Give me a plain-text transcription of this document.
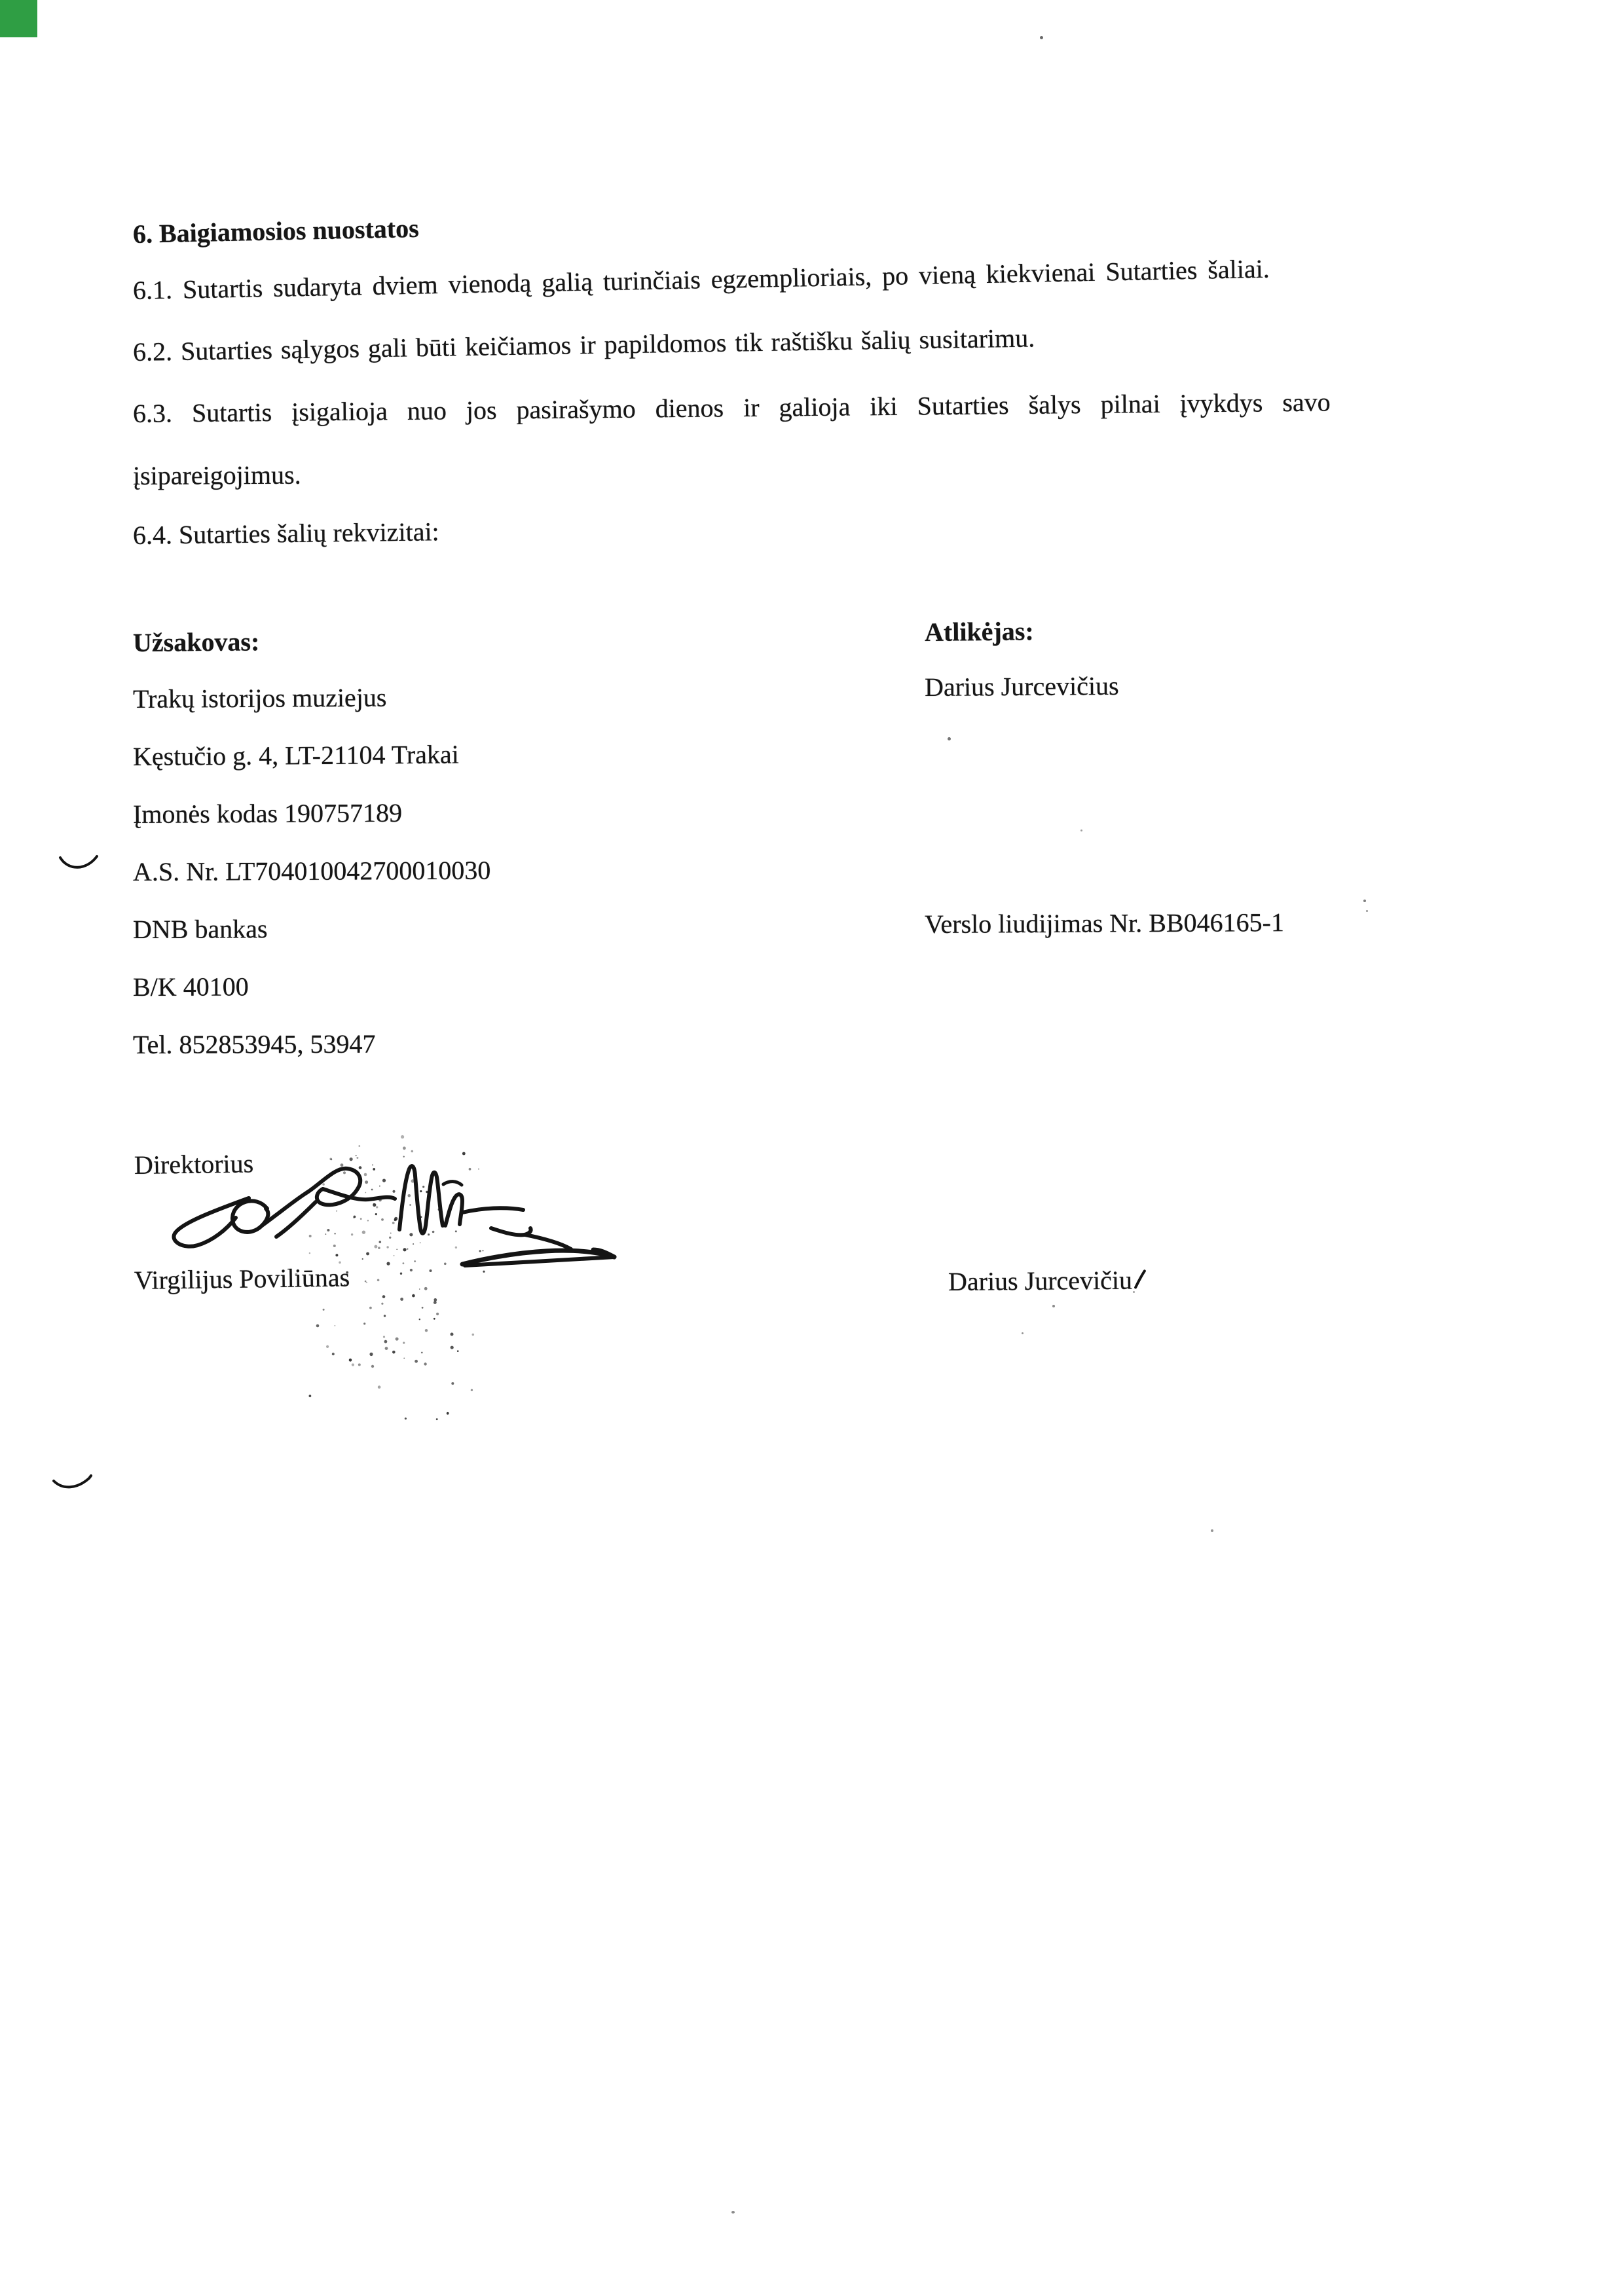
6. Baigiamosios nuostatos
6.1. Sutartis sudaryta dviem vienodą galią turinčiais egzemplioriais, po vieną kiekvienai Sutarties šaliai.
6.2. Sutarties sąlygos gali būti keičiamos ir papildomos tik raštišku šalių susitarimu.
6.3. Sutartis įsigalioja nuo jos pasirašymo dienos ir galioja iki Sutarties šalys pilnai įvykdys savo
įsipareigojimus.
6.4. Sutarties šalių rekvizitai:
Užsakovas:
Trakų istorijos muziejus
Kęstučio g. 4, LT-21104 Trakai
Įmonės kodas 190757189
A.S. Nr. LT704010042700010030
DNB bankas
B/K 40100
Tel. 852853945, 53947
Atlikėjas:
Darius Jurcevičius
Verslo liudijimas Nr. BB046165-1
Direktorius
Virgilijus Poviliūnas	Darius Jurcevičiu
